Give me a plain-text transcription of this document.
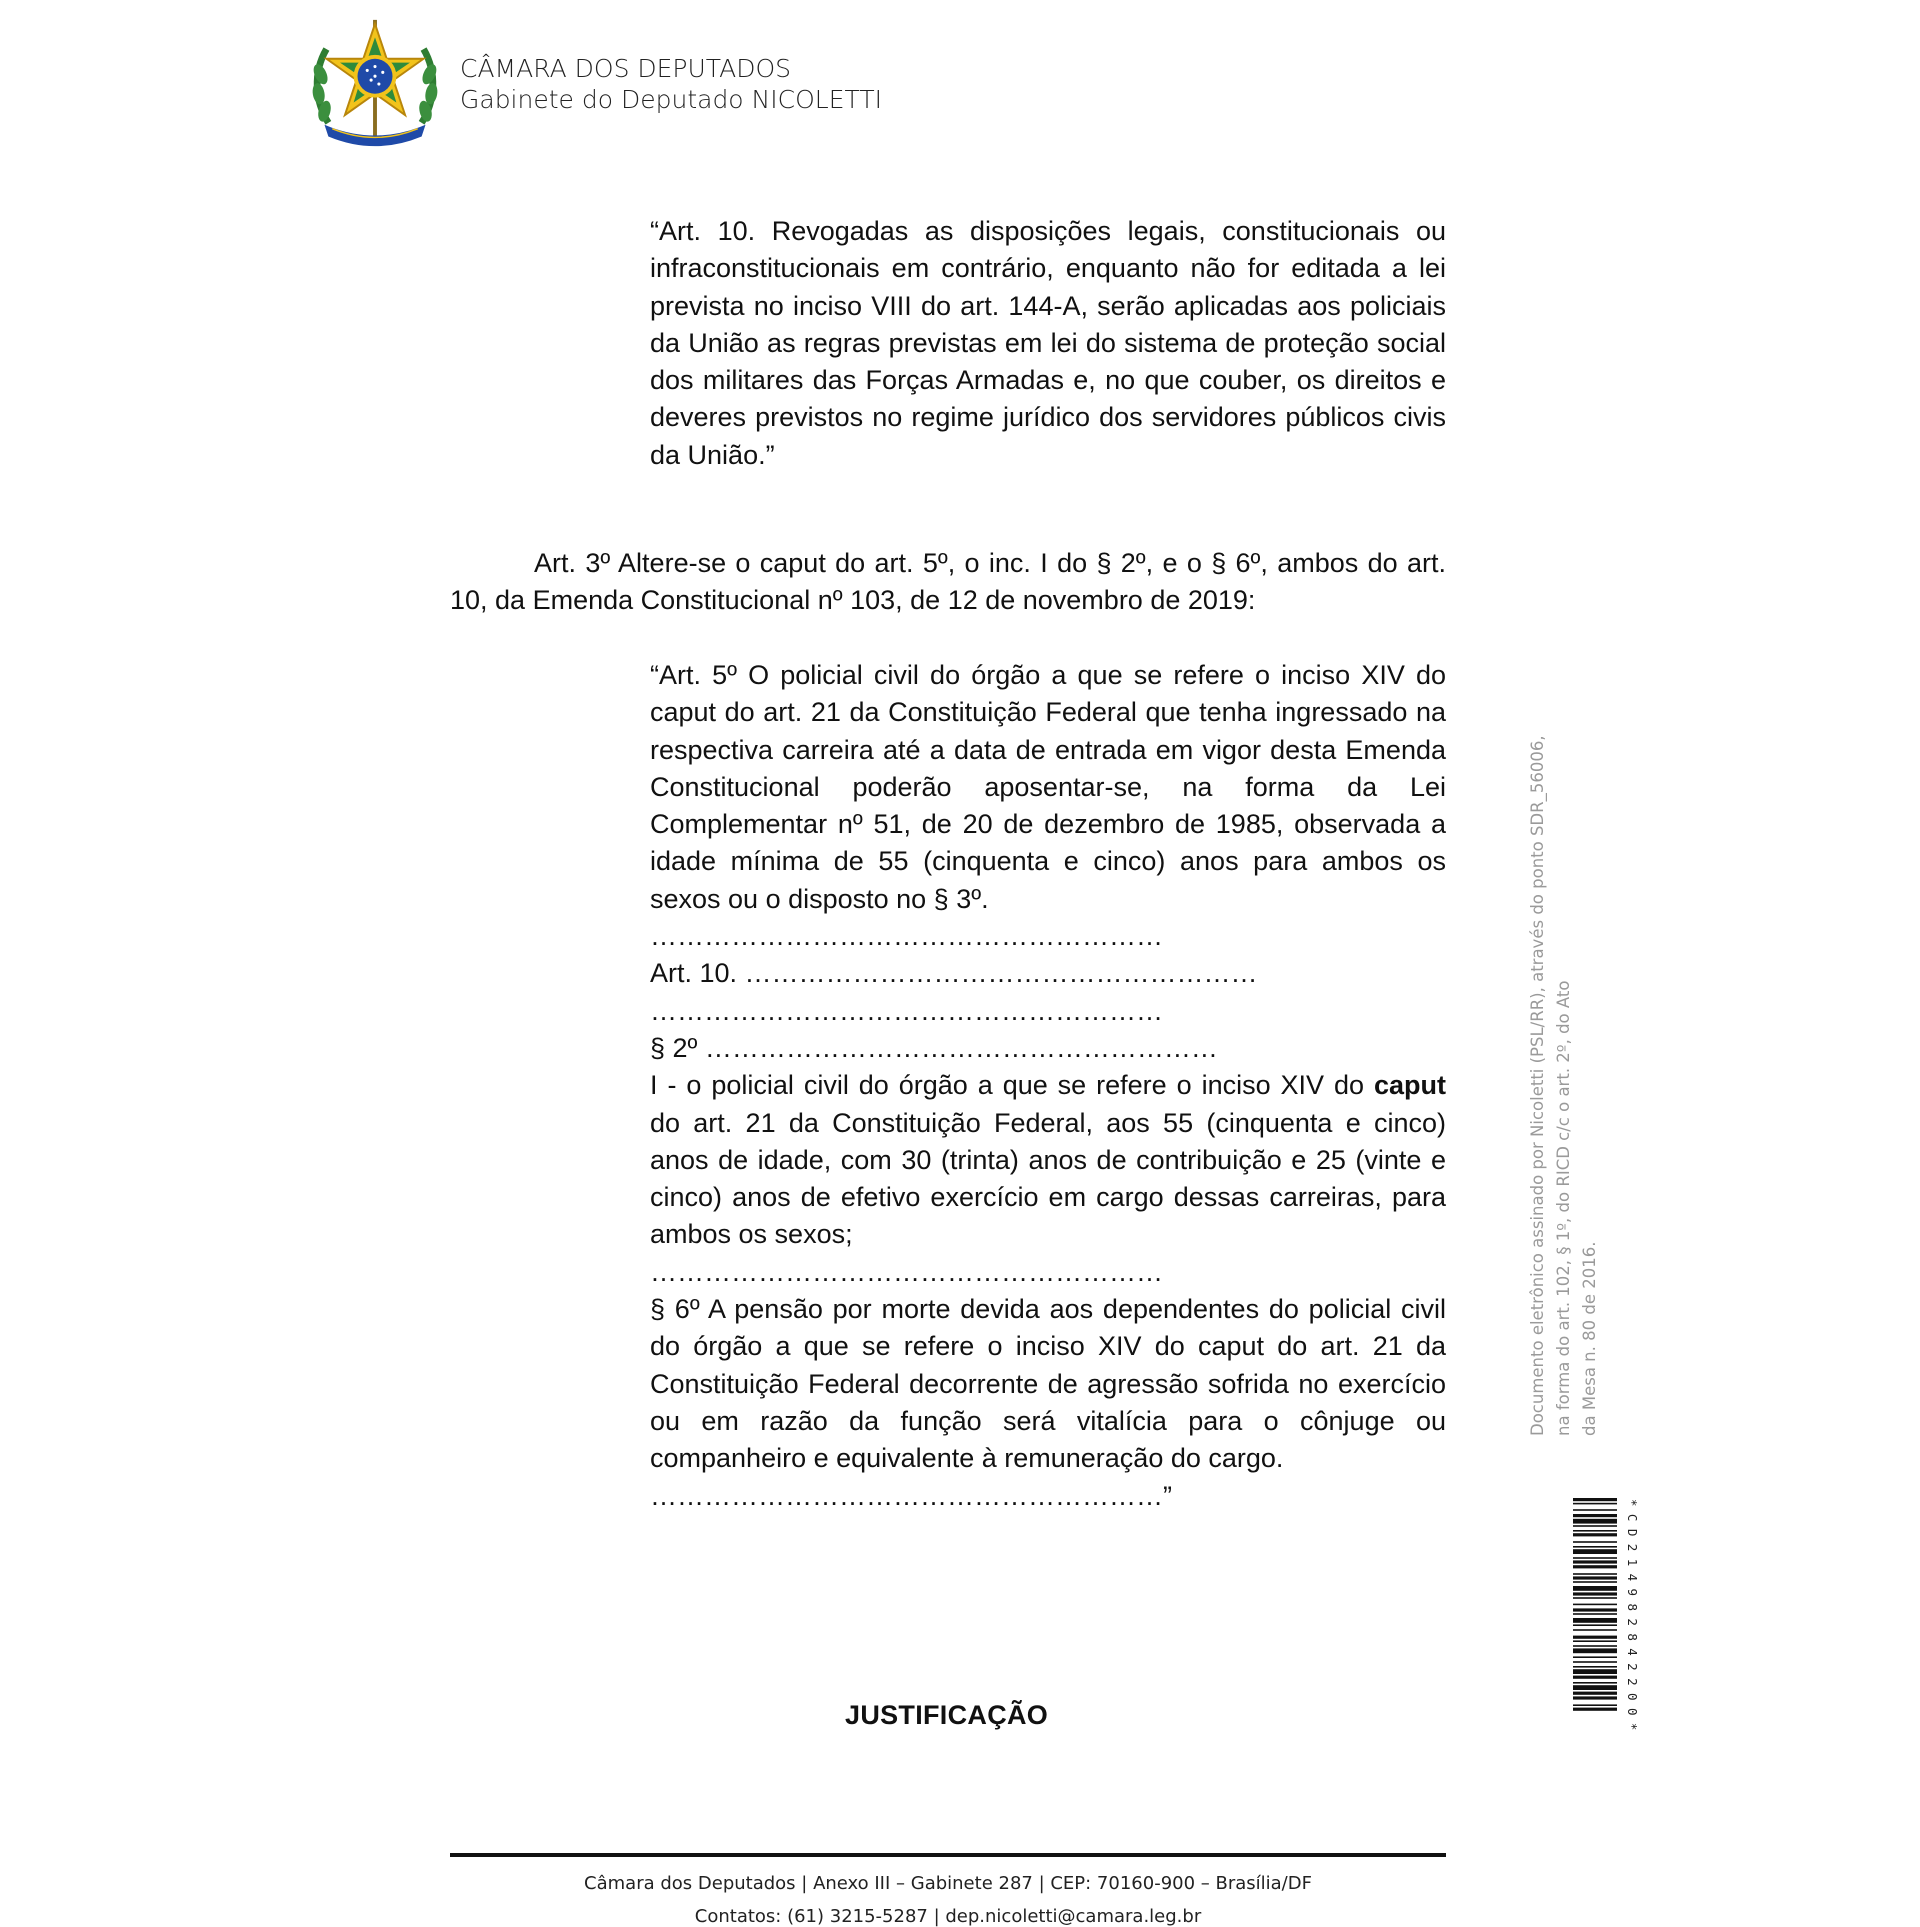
CÂMARA DOS DEPUTADOS
Gabinete do Deputado NICOLETTI

“Art. 10. Revogadas as disposições legais, constitucionais ou infraconstitucionais em contrário, enquanto não for editada a lei prevista no inciso VIII do art. 144-A, serão aplicadas aos policiais da União as regras previstas em lei do sistema de proteção social dos militares das Forças Armadas e, no que couber, os direitos e deveres previstos no regime jurídico dos servidores públicos civis da União.”

Art. 3º Altere-se o caput do art. 5º, o inc. I do § 2º, e o § 6º, ambos do art. 10, da Emenda Constitucional nº 103, de 12 de novembro de 2019:

“Art. 5º O policial civil do órgão a que se refere o inciso XIV do caput do art. 21 da Constituição Federal que tenha ingressado na respectiva carreira até a data de entrada em vigor desta Emenda Constitucional poderão aposentar-se, na forma da Lei Complementar nº 51, de 20 de dezembro de 1985, observada a idade mínima de 55 (cinquenta e cinco) anos para ambos os sexos ou o disposto no § 3º.

…………………………………………………

Art. 10. …………………………………………………

…………………………………………………

§ 2º …………………………………………………

I - o policial civil do órgão a que se refere o inciso XIV do caput do art. 21 da Constituição Federal, aos 55 (cinquenta e cinco) anos de idade, com 30 (trinta) anos de contribuição e 25 (vinte e cinco) anos de efetivo exercício em cargo dessas carreiras, para ambos os sexos;

…………………………………………………

§ 6º A pensão por morte devida aos dependentes do policial civil do órgão a que se refere o inciso XIV do caput do art. 21 da Constituição Federal decorrente de agressão sofrida no exercício ou em razão da função será vitalícia para o cônjuge ou companheiro e equivalente à remuneração do cargo.

…………………………………………………”

JUSTIFICAÇÃO
Câmara dos Deputados | Anexo III – Gabinete 287 | CEP: 70160-900 – Brasília/DF
Contatos: (61) 3215-5287 | dep.nicoletti@camara.leg.br
Documento eletrônico assinado por Nicoletti (PSL/RR), através do ponto SDR_56006, na forma do art. 102, § 1º, do RICD c/c o art. 2º, do Ato da Mesa n. 80 de 2016.
*CD214982842200*
